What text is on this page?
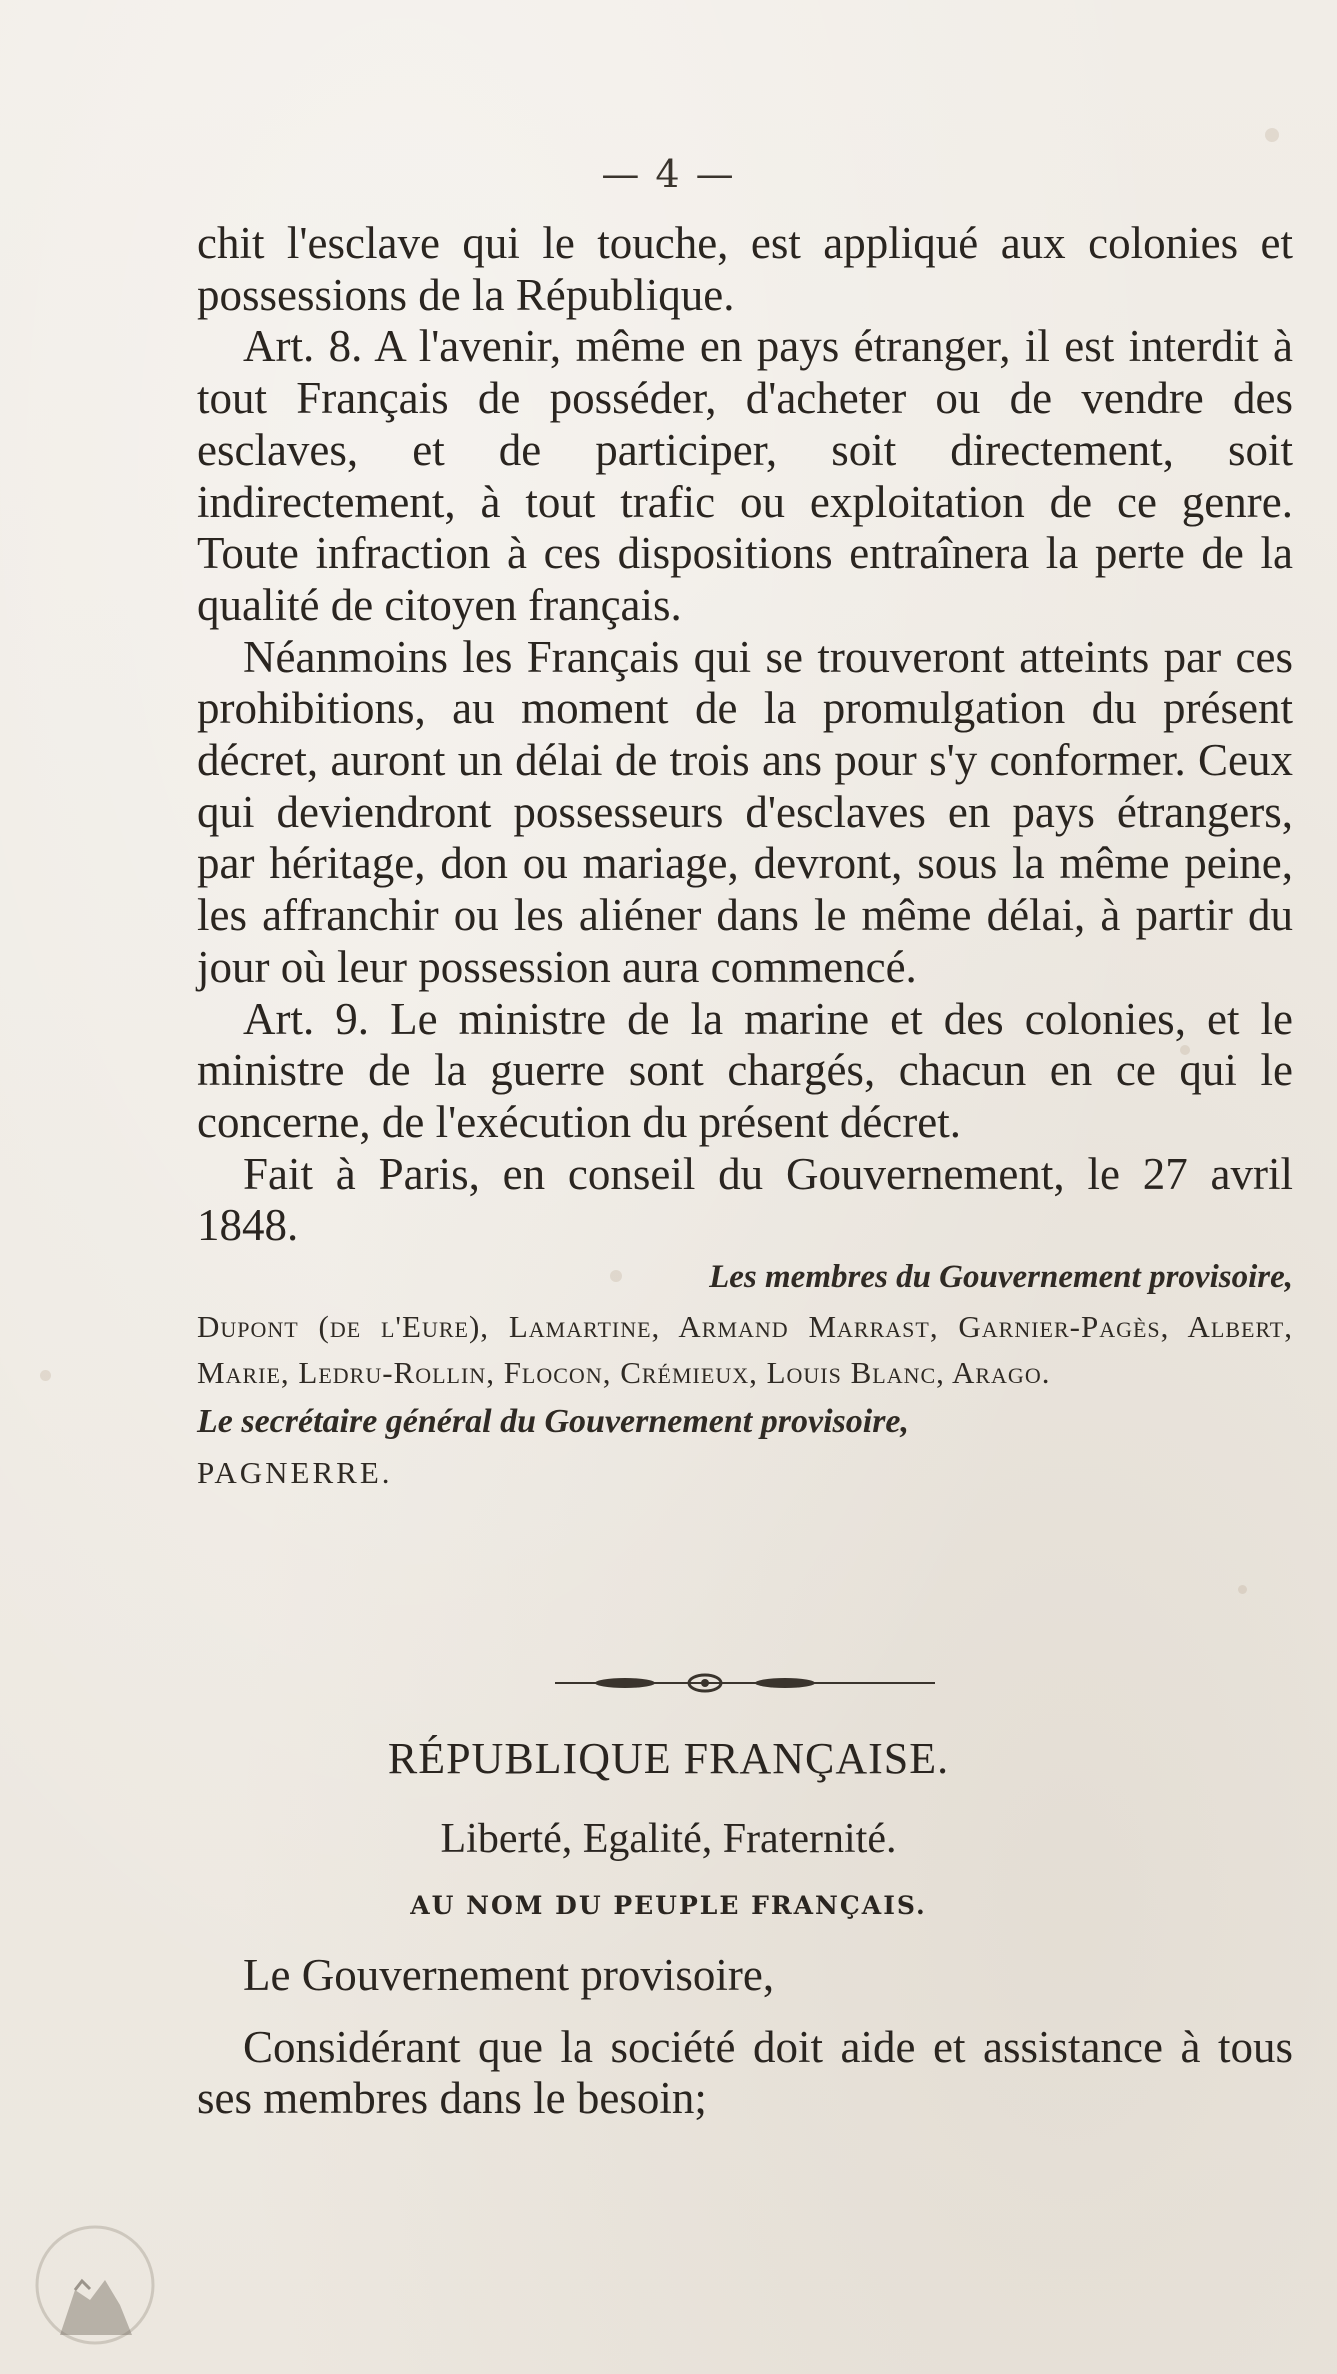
— 4 —

chit l'esclave qui le touche, est appliqué aux colonies et possessions de la République.

Art. 8. A l'avenir, même en pays étranger, il est interdit à tout Français de posséder, d'acheter ou de vendre des esclaves, et de participer, soit directement, soit indirectement, à tout trafic ou exploitation de ce genre. Toute infraction à ces dispositions entraînera la perte de la qualité de citoyen français.

Néanmoins les Français qui se trouveront atteints par ces prohibitions, au moment de la promulgation du présent décret, auront un délai de trois ans pour s'y conformer. Ceux qui deviendront possesseurs d'esclaves en pays étrangers, par héritage, don ou mariage, devront, sous la même peine, les affranchir ou les aliéner dans le même délai, à partir du jour où leur possession aura commencé.

Art. 9. Le ministre de la marine et des colonies, et le ministre de la guerre sont chargés, chacun en ce qui le concerne, de l'exécution du présent décret.

Fait à Paris, en conseil du Gouvernement, le 27 avril 1848.

Les membres du Gouvernement provisoire,

Dupont (de l'Eure), Lamartine, Armand Marrast, Garnier-Pagès, Albert, Marie, Ledru-Rollin, Flocon, Crémieux, Louis Blanc, Arago.

Le secrétaire général du Gouvernement provisoire,

PAGNERRE.

RÉPUBLIQUE FRANÇAISE.
Liberté, Egalité, Fraternité.
AU NOM DU PEUPLE FRANÇAIS.

Le Gouvernement provisoire,

Considérant que la société doit aide et assistance à tous ses membres dans le besoin;
